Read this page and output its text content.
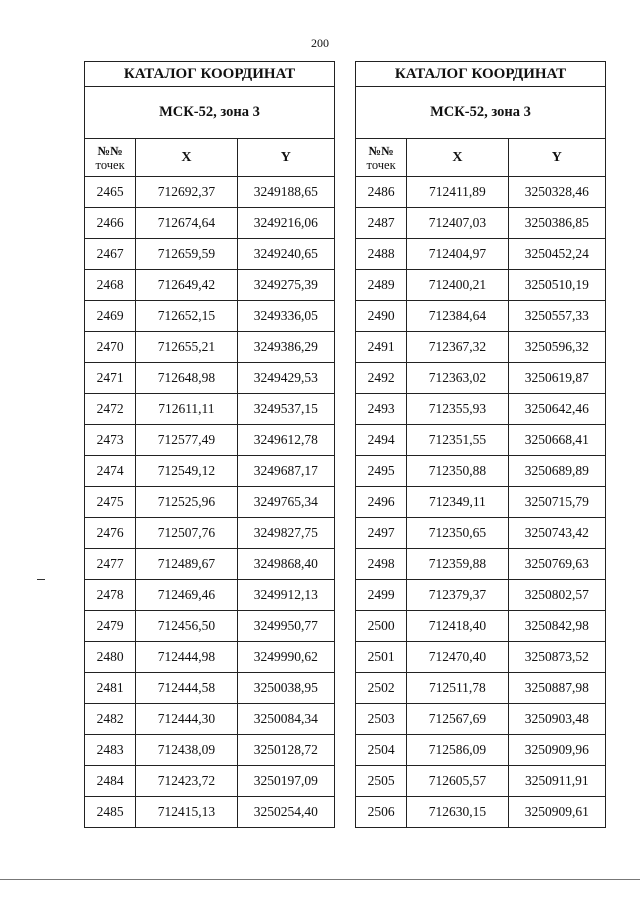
200
КАТАЛОГ КООРДИНАТ		
МСК-52, зона 3		

№№
точек	X	Y
2465	712692,37	3249188,65
2466	712674,64	3249216,06
2467	712659,59	3249240,65
2468	712649,42	3249275,39
2469	712652,15	3249336,05
2470	712655,21	3249386,29
2471	712648,98	3249429,53
2472	712611,11	3249537,15
2473	712577,49	3249612,78
2474	712549,12	3249687,17
2475	712525,96	3249765,34
2476	712507,76	3249827,75
2477	712489,67	3249868,40
2478	712469,46	3249912,13
2479	712456,50	3249950,77
2480	712444,98	3249990,62
2481	712444,58	3250038,95
2482	712444,30	3250084,34
2483	712438,09	3250128,72
2484	712423,72	3250197,09
2485	712415,13	3250254,40
КАТАЛОГ КООРДИНАТ		
МСК-52, зона 3		

№№
точек	X	Y
2486	712411,89	3250328,46
2487	712407,03	3250386,85
2488	712404,97	3250452,24
2489	712400,21	3250510,19
2490	712384,64	3250557,33
2491	712367,32	3250596,32
2492	712363,02	3250619,87
2493	712355,93	3250642,46
2494	712351,55	3250668,41
2495	712350,88	3250689,89
2496	712349,11	3250715,79
2497	712350,65	3250743,42
2498	712359,88	3250769,63
2499	712379,37	3250802,57
2500	712418,40	3250842,98
2501	712470,40	3250873,52
2502	712511,78	3250887,98
2503	712567,69	3250903,48
2504	712586,09	3250909,96
2505	712605,57	3250911,91
2506	712630,15	3250909,61
